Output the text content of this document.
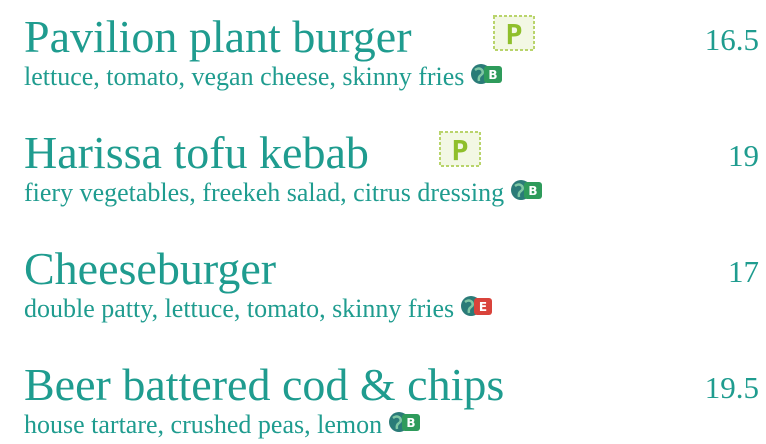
Pavilion plant burger	P	16.5
lettuce, tomato, vegan cheese, skinny fries B
Harissa tofu kebab	P	19
fiery vegetables, freekeh salad, citrus dressing B
Cheeseburger	17
double patty, lettuce, tomato, skinny fries E
Beer battered cod & chips	19.5
house tartare, crushed peas, lemon B
